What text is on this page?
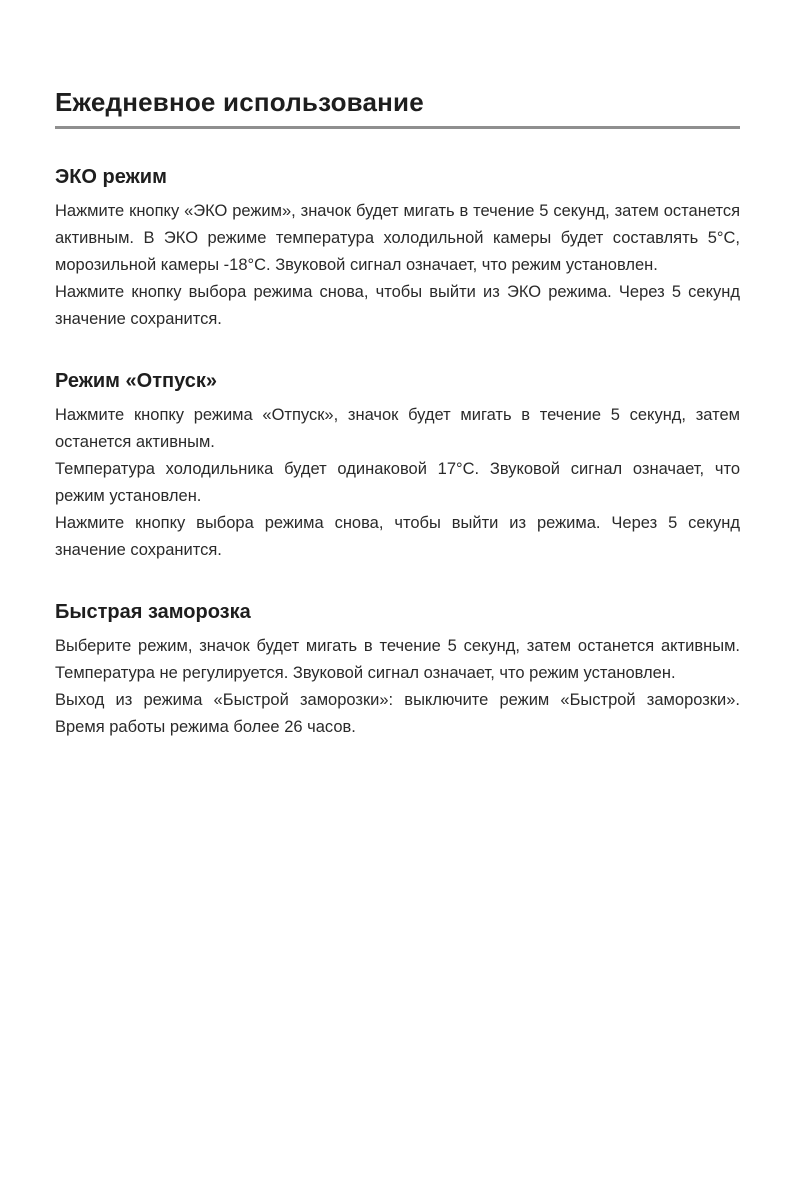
Ежедневное использование
ЭКО режим

Нажмите кнопку «ЭКО режим», значок будет мигать в течение 5 секунд, затем останется активным. В ЭКО режиме температура холодильной камеры будет составлять 5°С, морозильной камеры -18°С. Звуковой сигнал означает, что режим установлен.

Нажмите кнопку выбора режима снова, чтобы выйти из ЭКО режима. Через 5 секунд значение сохранится.

Режим «Отпуск»

Нажмите кнопку режима «Отпуск», значок будет мигать в течение 5 секунд, затем останется активным.

Температура холодильника будет одинаковой 17°С. Звуковой сигнал означает, что режим установлен.

Нажмите кнопку выбора режима снова, чтобы выйти из режима. Через 5 секунд значение сохранится.

Быстрая заморозка

Выберите режим, значок будет мигать в течение 5 секунд, затем останется активным. Температура не регулируется. Звуковой сигнал означает, что режим установлен.

Выход из режима «Быстрой заморозки»: выключите режим «Быстрой заморозки». Время работы режима более 26 часов.
